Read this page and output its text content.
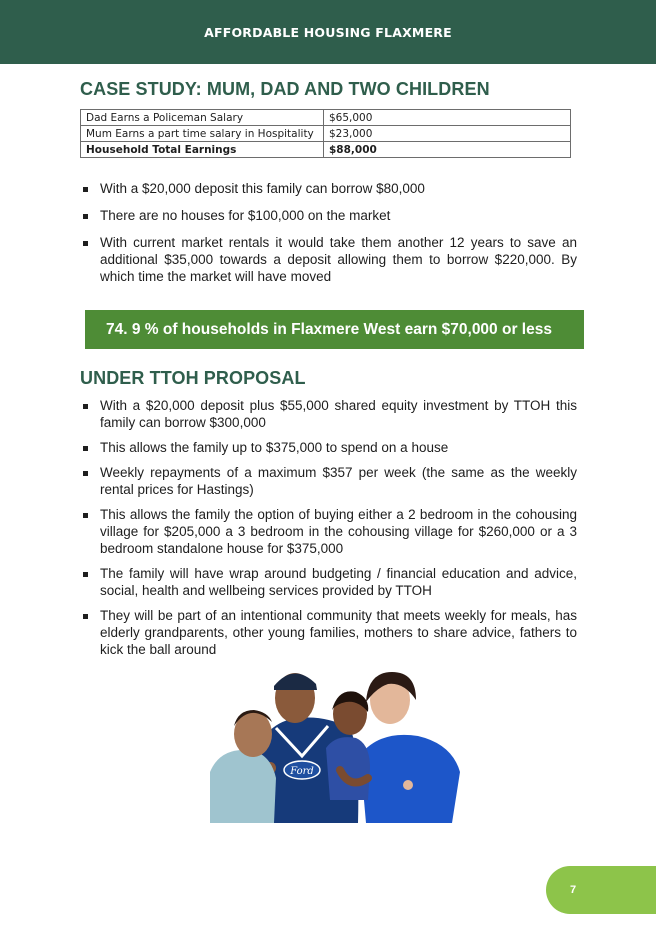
AFFORDABLE HOUSING FLAXMERE
CASE STUDY: MUM, DAD AND TWO CHILDREN
Dad Earns a Policeman Salary	$65,000
Mum Earns a part time salary in Hospitality	$23,000
Household Total Earnings	$88,000
With a $20,000 deposit this family can borrow $80,000
There are no houses for $100,000 on the market
With current market rentals it would take them another 12 years to save an additional $35,000 towards a deposit allowing them to borrow $220,000. By which time the market will have moved
74. 9 % of households in Flaxmere West earn $70,000 or less
UNDER TTOH PROPOSAL
With a $20,000 deposit plus $55,000 shared equity investment by TTOH this family can borrow $300,000
This allows the family up to $375,000 to spend on a house
Weekly repayments of a maximum $357 per week (the same as the weekly rental prices for Hastings)
This allows the family the option of buying either a 2 bedroom in the cohousing village for $205,000 a 3 bedroom in the cohousing village for $260,000 or a 3 bedroom standalone house for $375,000
The family will have wrap around budgeting / financial education and advice, social, health and wellbeing services provided by TTOH
They will be part of an intentional community that meets weekly for meals, has elderly grandparents, other young families, mothers to share advice, fathers to kick the ball around
Ford
7
